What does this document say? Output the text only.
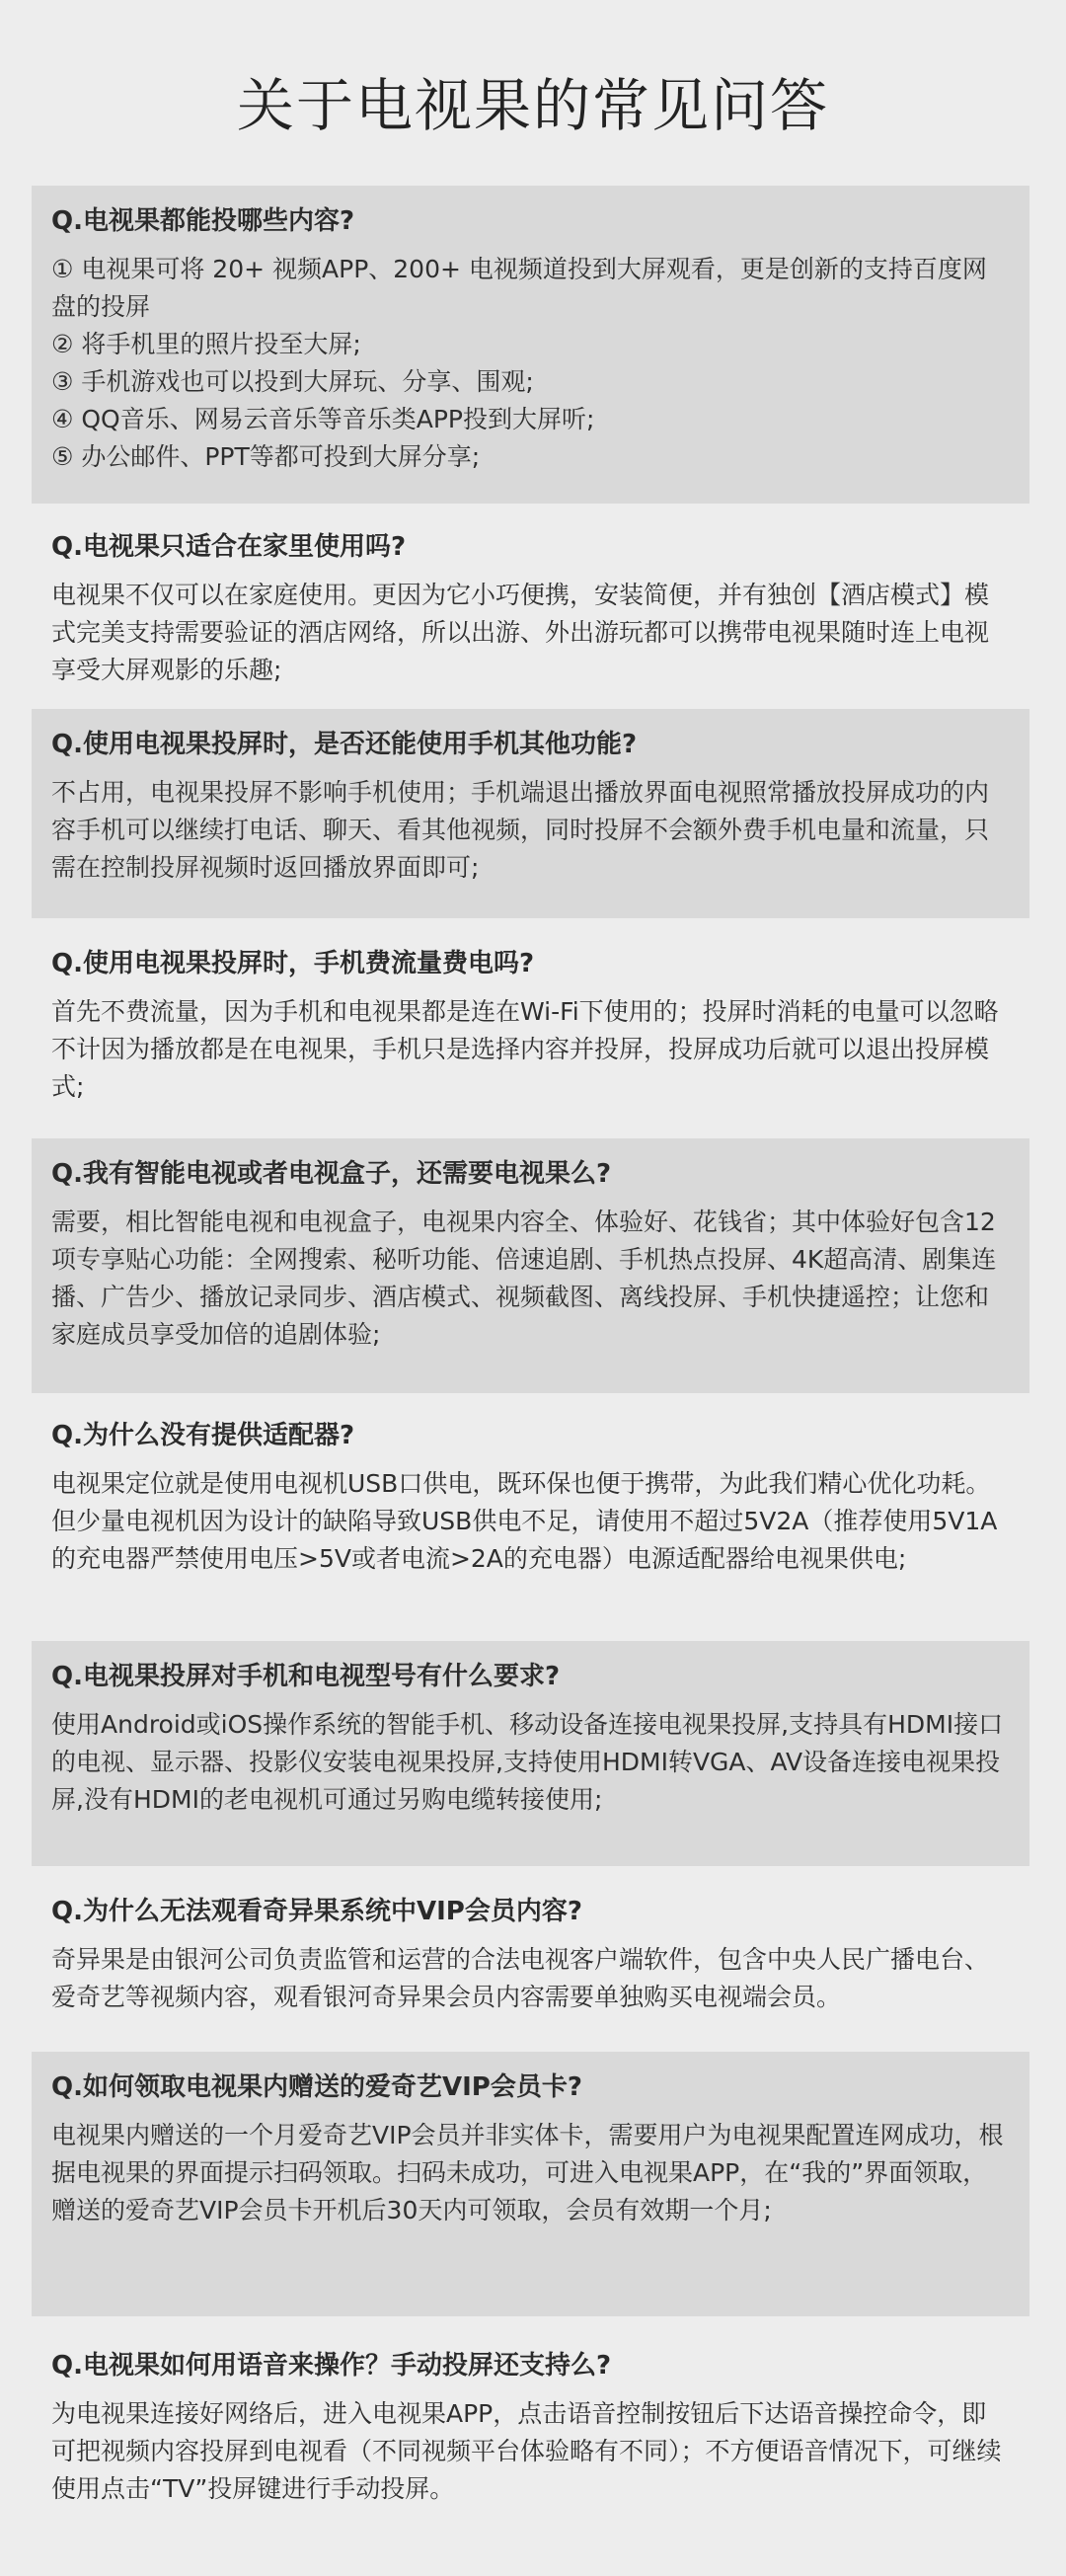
关于电视果的常见问答
Q.电视果都能投哪些内容?
① 电视果可将 20+ 视频APP、200+ 电视频道投到大屏观看，更是创新的支持百度网盘的投屏
② 将手机里的照片投至大屏;
③ 手机游戏也可以投到大屏玩、分享、围观;
④ QQ音乐、网易云音乐等音乐类APP投到大屏听;
⑤ 办公邮件、PPT等都可投到大屏分享;
Q.电视果只适合在家里使用吗?

电视果不仅可以在家庭使用。更因为它小巧便携，安装简便，并有独创【酒店模式】模式完美支持需要验证的酒店网络，所以出游、外出游玩都可以携带电视果随时连上电视享受大屏观影的乐趣;

Q.使用电视果投屏时，是否还能使用手机其他功能?

不占用，电视果投屏不影响手机使用；手机端退出播放界面电视照常播放投屏成功的内容手机可以继续打电话、聊天、看其他视频，同时投屏不会额外费手机电量和流量，只需在控制投屏视频时返回播放界面即可;

Q.使用电视果投屏时，手机费流量费电吗?

首先不费流量，因为手机和电视果都是连在Wi-Fi下使用的；投屏时消耗的电量可以忽略不计因为播放都是在电视果，手机只是选择内容并投屏，投屏成功后就可以退出投屏模式;

Q.我有智能电视或者电视盒子，还需要电视果么?

需要，相比智能电视和电视盒子，电视果内容全、体验好、花钱省；其中体验好包含12项专享贴心功能：全网搜索、秘听功能、倍速追剧、手机热点投屏、4K超高清、剧集连播、广告少、播放记录同步、酒店模式、视频截图、离线投屏、手机快捷遥控；让您和家庭成员享受加倍的追剧体验;

Q.为什么没有提供适配器?

电视果定位就是使用电视机USB口供电，既环保也便于携带，为此我们精心优化功耗。但少量电视机因为设计的缺陷导致USB供电不足，请使用不超过5V2A（推荐使用5V1A的充电器严禁使用电压>5V或者电流>2A的充电器）电源适配器给电视果供电;

Q.电视果投屏对手机和电视型号有什么要求?

使用Android或iOS操作系统的智能手机、移动设备连接电视果投屏,支持具有HDMI接口的电视、显示器、投影仪安装电视果投屏,支持使用HDMI转VGA、AV设备连接电视果投屏,没有HDMI的老电视机可通过另购电缆转接使用;

Q.为什么无法观看奇异果系统中VIP会员内容?

奇异果是由银河公司负责监管和运营的合法电视客户端软件，包含中央人民广播电台、爱奇艺等视频内容，观看银河奇异果会员内容需要单独购买电视端会员。

Q.如何领取电视果内赠送的爱奇艺VIP会员卡?

电视果内赠送的一个月爱奇艺VIP会员并非实体卡，需要用户为电视果配置连网成功，根据电视果的界面提示扫码领取。扫码未成功，可进入电视果APP，在“我的”界面领取，赠送的爱奇艺VIP会员卡开机后30天内可领取，会员有效期一个月;

Q.电视果如何用语音来操作？手动投屏还支持么?

为电视果连接好网络后，进入电视果APP，点击语音控制按钮后下达语音操控命令，即可把视频内容投屏到电视看（不同视频平台体验略有不同）；不方便语音情况下，可继续使用点击“TV”投屏键进行手动投屏。
